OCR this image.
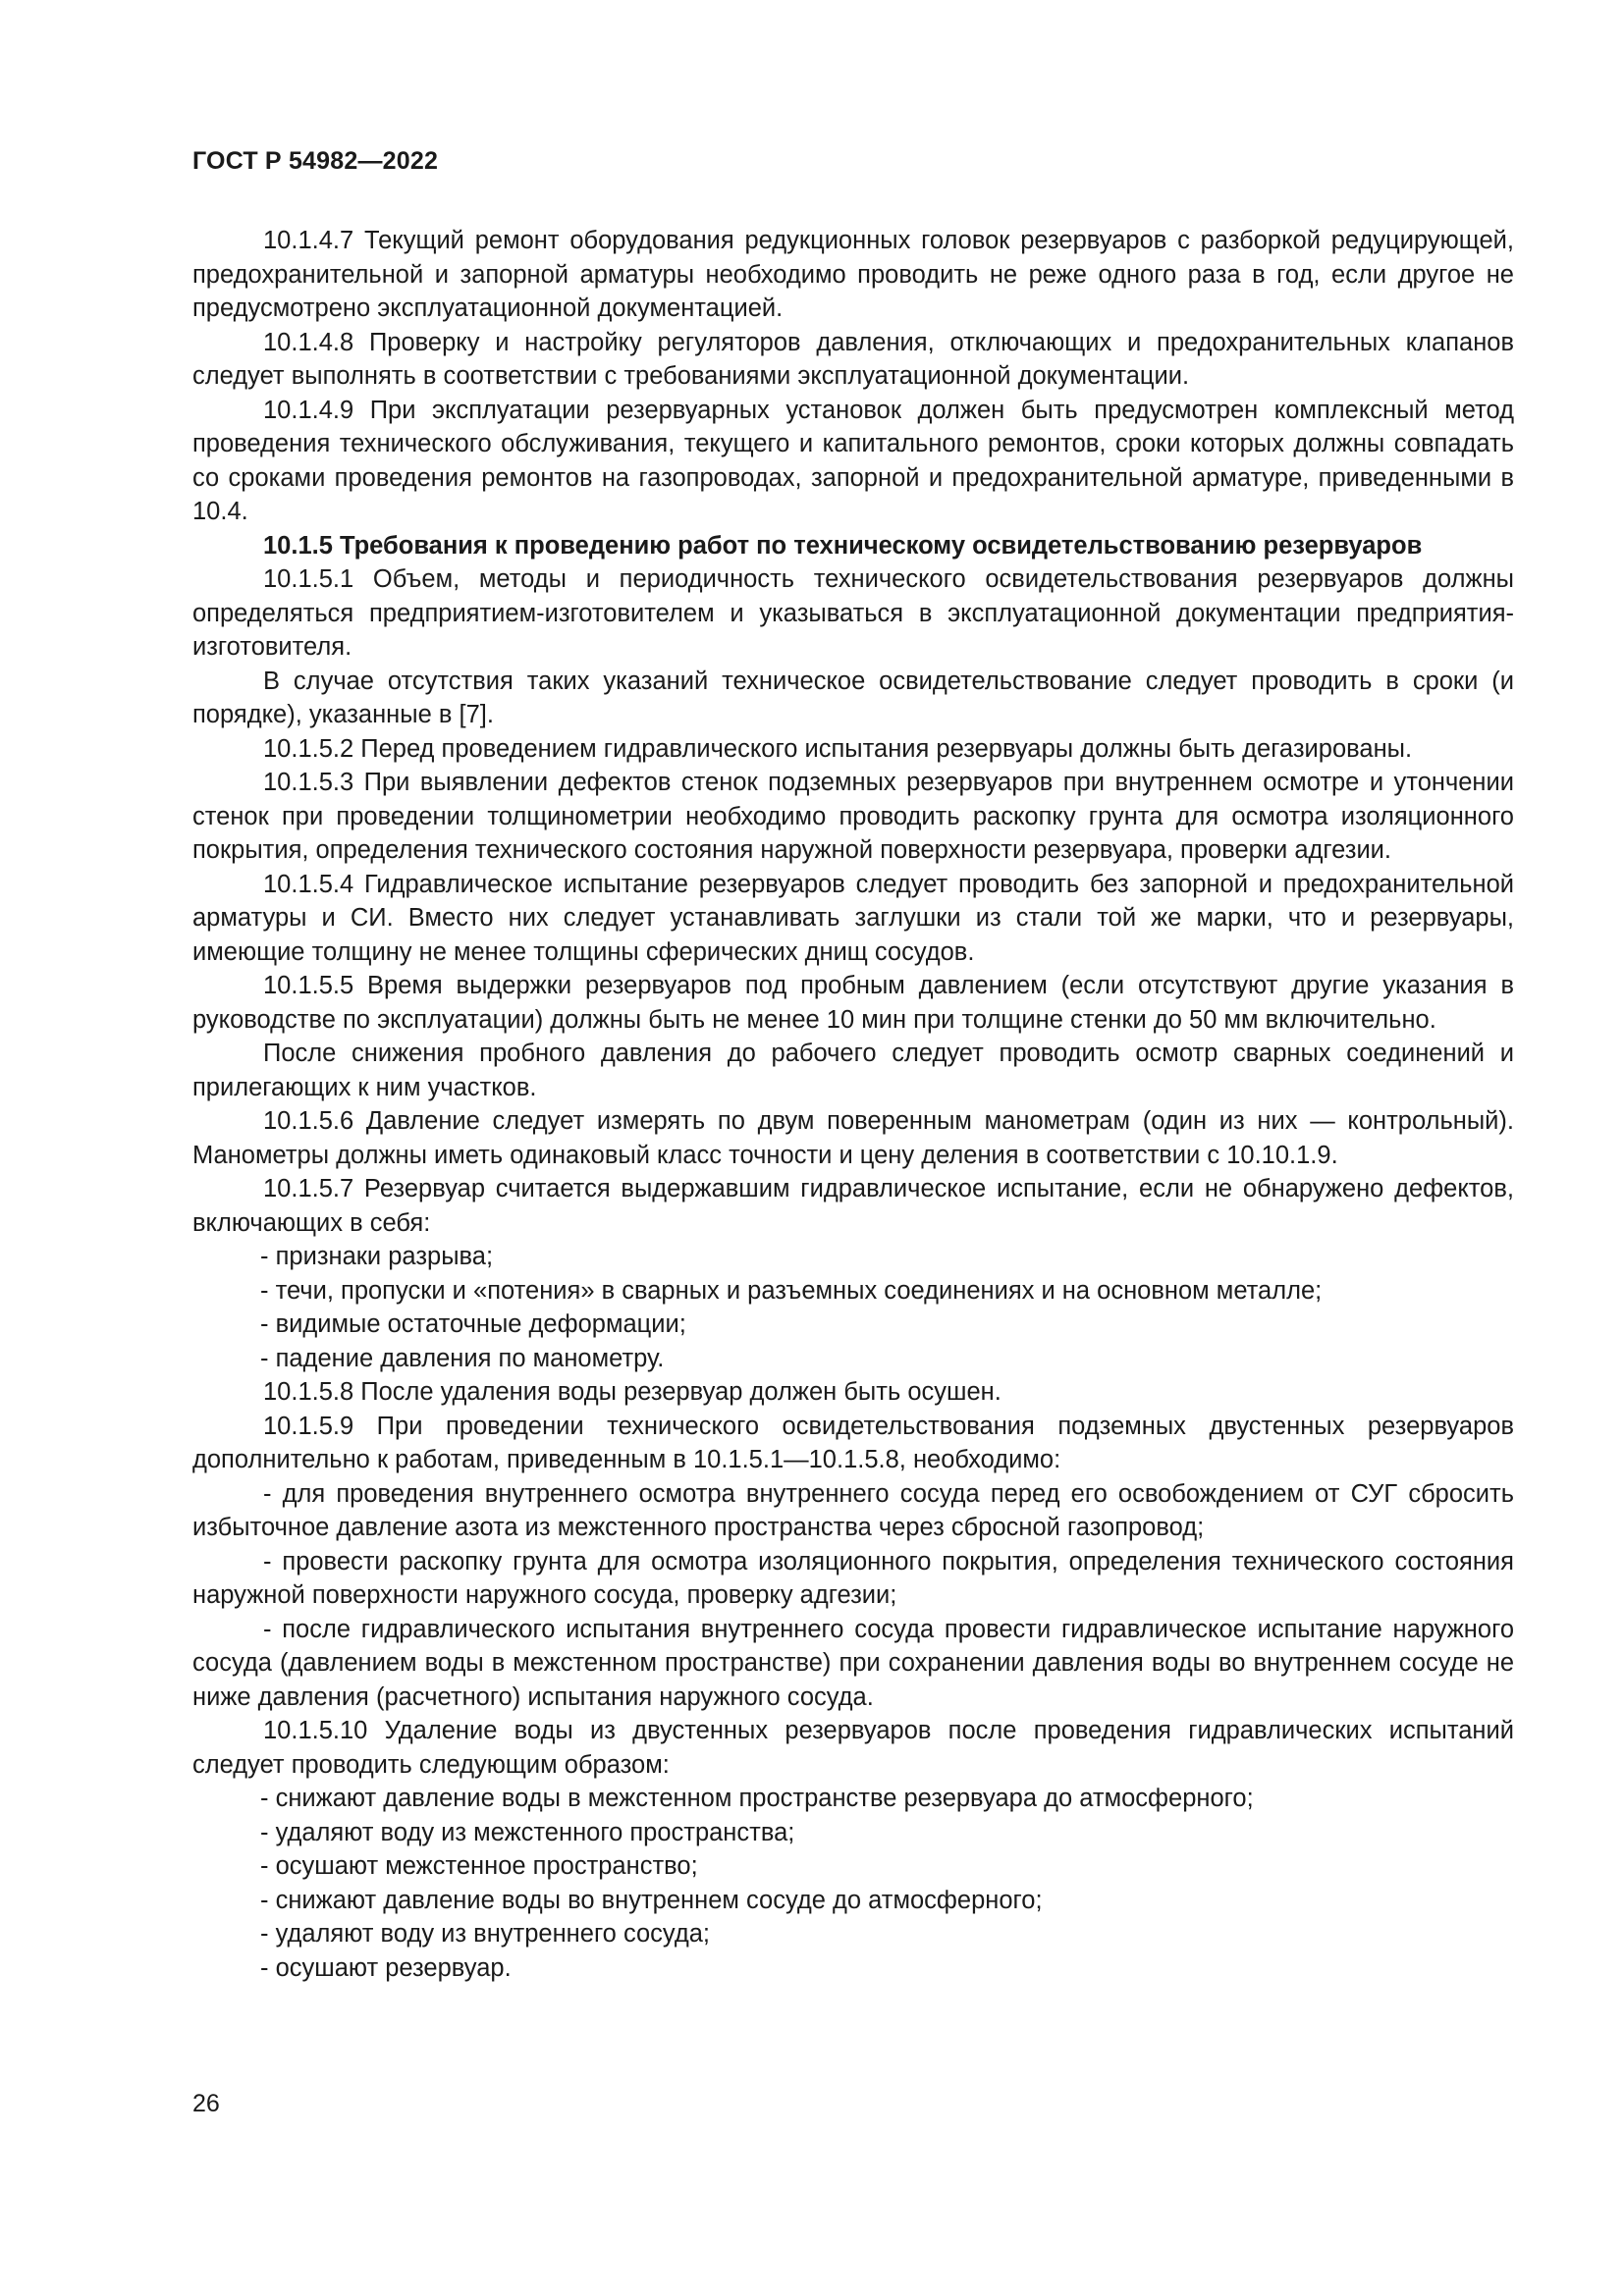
ГОСТ Р 54982—2022

10.1.4.7 Текущий ремонт оборудования редукционных головок резервуаров с разборкой редуцирующей, предохранительной и запорной арматуры необходимо проводить не реже одного раза в год, если другое не предусмотрено эксплуатационной документацией.

10.1.4.8 Проверку и настройку регуляторов давления, отключающих и предохранительных клапанов следует выполнять в соответствии с требованиями эксплуатационной документации.

10.1.4.9 При эксплуатации резервуарных установок должен быть предусмотрен комплексный метод проведения технического обслуживания, текущего и капитального ремонтов, сроки которых должны совпадать со сроками проведения ремонтов на газопроводах, запорной и предохранительной арматуре, приведенными в 10.4.

10.1.5 Требования к проведению работ по техническому освидетельствованию резервуаров

10.1.5.1 Объем, методы и периодичность технического освидетельствования резервуаров должны определяться предприятием-изготовителем и указываться в эксплуатационной документации предприятия-изготовителя.

В случае отсутствия таких указаний техническое освидетельствование следует проводить в сроки (и порядке), указанные в [7].

10.1.5.2 Перед проведением гидравлического испытания резервуары должны быть дегазированы.

10.1.5.3 При выявлении дефектов стенок подземных резервуаров при внутреннем осмотре и утончении стенок при проведении толщинометрии необходимо проводить раскопку грунта для осмотра изоляционного покрытия, определения технического состояния наружной поверхности резервуара, проверки адгезии.

10.1.5.4 Гидравлическое испытание резервуаров следует проводить без запорной и предохранительной арматуры и СИ. Вместо них следует устанавливать заглушки из стали той же марки, что и резервуары, имеющие толщину не менее толщины сферических днищ сосудов.

10.1.5.5 Время выдержки резервуаров под пробным давлением (если отсутствуют другие указания в руководстве по эксплуатации) должны быть не менее 10 мин при толщине стенки до 50 мм включительно.

После снижения пробного давления до рабочего следует проводить осмотр сварных соединений и прилегающих к ним участков.

10.1.5.6 Давление следует измерять по двум поверенным манометрам (один из них — контрольный). Манометры должны иметь одинаковый класс точности и цену деления в соответствии с 10.10.1.9.

10.1.5.7 Резервуар считается выдержавшим гидравлическое испытание, если не обнаружено дефектов, включающих в себя:

- признаки разрыва;
- течи, пропуски и «потения» в сварных и разъемных соединениях и на основном металле;
- видимые остаточные деформации;
- падение давления по манометру.

10.1.5.8 После удаления воды резервуар должен быть осушен.

10.1.5.9 При проведении технического освидетельствования подземных двустенных резервуаров дополнительно к работам, приведенным в 10.1.5.1—10.1.5.8, необходимо:

- для проведения внутреннего осмотра внутреннего сосуда перед его освобождением от СУГ сбросить избыточное давление азота из межстенного пространства через сбросной газопровод;

- провести раскопку грунта для осмотра изоляционного покрытия, определения технического состояния наружной поверхности наружного сосуда, проверку адгезии;

- после гидравлического испытания внутреннего сосуда провести гидравлическое испытание наружного сосуда (давлением воды в межстенном пространстве) при сохранении давления воды во внутреннем сосуде не ниже давления (расчетного) испытания наружного сосуда.

10.1.5.10 Удаление воды из двустенных резервуаров после проведения гидравлических испытаний следует проводить следующим образом:

- снижают давление воды в межстенном пространстве резервуара до атмосферного;
- удаляют воду из межстенного пространства;
- осушают межстенное пространство;
- снижают давление воды во внутреннем сосуде до атмосферного;
- удаляют воду из внутреннего сосуда;
- осушают резервуар.
26
